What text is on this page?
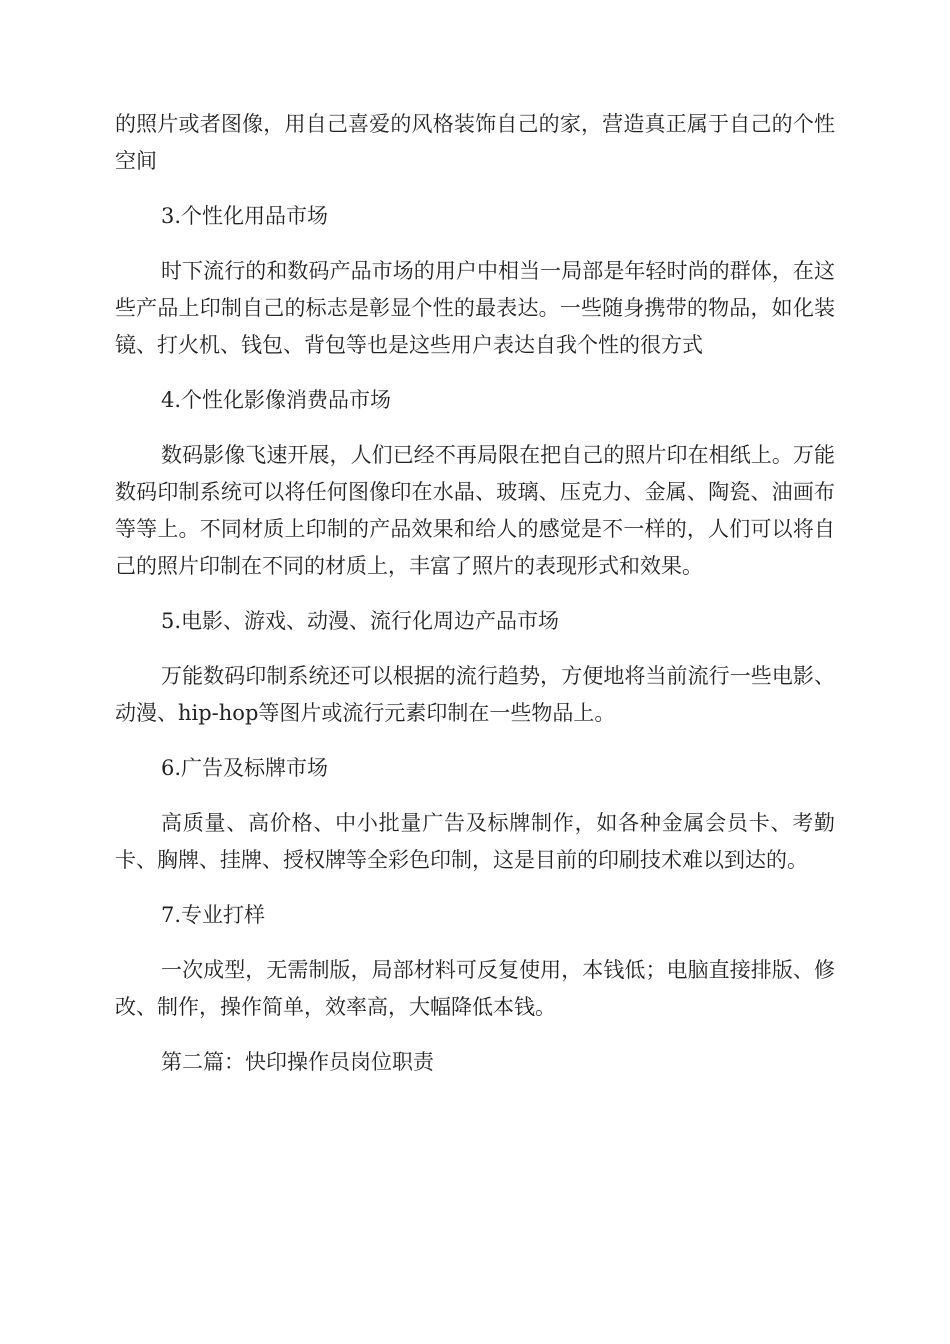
的照片或者图像，用自己喜爱的风格装饰自己的家，营造真正属于自己的个性空间

3.个性化用品市场

时下流行的和数码产品市场的用户中相当一局部是年轻时尚的群体，在这些产品上印制自己的标志是彰显个性的最表达。一些随身携带的物品，如化装镜、打火机、钱包、背包等也是这些用户表达自我个性的很方式

4.个性化影像消费品市场

数码影像飞速开展，人们已经不再局限在把自己的照片印在相纸上。万能数码印制系统可以将任何图像印在水晶、玻璃、压克力、金属、陶瓷、油画布等等上。不同材质上印制的产品效果和给人的感觉是不一样的，人们可以将自己的照片印制在不同的材质上，丰富了照片的表现形式和效果。

5.电影、游戏、动漫、流行化周边产品市场

万能数码印制系统还可以根据的流行趋势，方便地将当前流行一些电影、动漫、hip-hop等图片或流行元素印制在一些物品上。

6.广告及标牌市场

高质量、高价格、中小批量广告及标牌制作，如各种金属会员卡、考勤卡、胸牌、挂牌、授权牌等全彩色印制，这是目前的印刷技术难以到达的。

7.专业打样

一次成型，无需制版，局部材料可反复使用，本钱低；电脑直接排版、修改、制作，操作简单，效率高，大幅降低本钱。

第二篇：快印操作员岗位职责
